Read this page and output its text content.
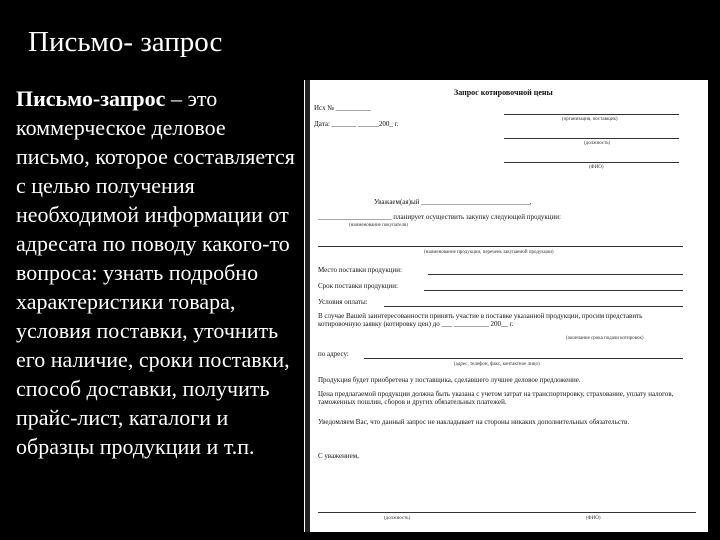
Письмо- запрос
Письмо-запрос – это коммерческое деловое письмо, которое составляется с целью получения необходимой информации от адресата по поводу какого-то вопроса: узнать подробно характеристики товара, условия поставки, уточнить его наличие, сроки поставки, способ доставки, получить прайс-лист, каталоги и образцы продукции и т.п.
Запрос котировочной цены
Исх № __________
Дата: _______ ______200_ г.
(организация, поставщик)
(должность)
(ФИО)
Уважаем(ая)ый _______________________________,
_____________________ планирует осуществить закупку следующей продукции:
(наименование покупателя)
(наименование продукции, перечень закупаемой продукции)
Место поставки продукции:
Срок поставки продукции:
Условия оплаты:
В случае Вашей заинтересованности принять участие в поставке указанной продукции, просим представить котировочную заявку (котировку цен) до ___ __________ 200__ г.
(окончание срока подачи котировок)
по адресу:
(адрес, телефон, факс, контактное лицо)
Продукция будет приобретена у поставщика, сделавшего лучшее деловое предложение.
Цена предлагаемой продукции должна быть указана с учетом затрат на транспортировку, страхование, уплату налогов, таможенных пошлин, сборов и других обязательных платежей.
Уведомляем Вас, что данный запрос не накладывает на стороны никаких дополнительных обязательств.
С уважением,
(должность)	(ФИО)
